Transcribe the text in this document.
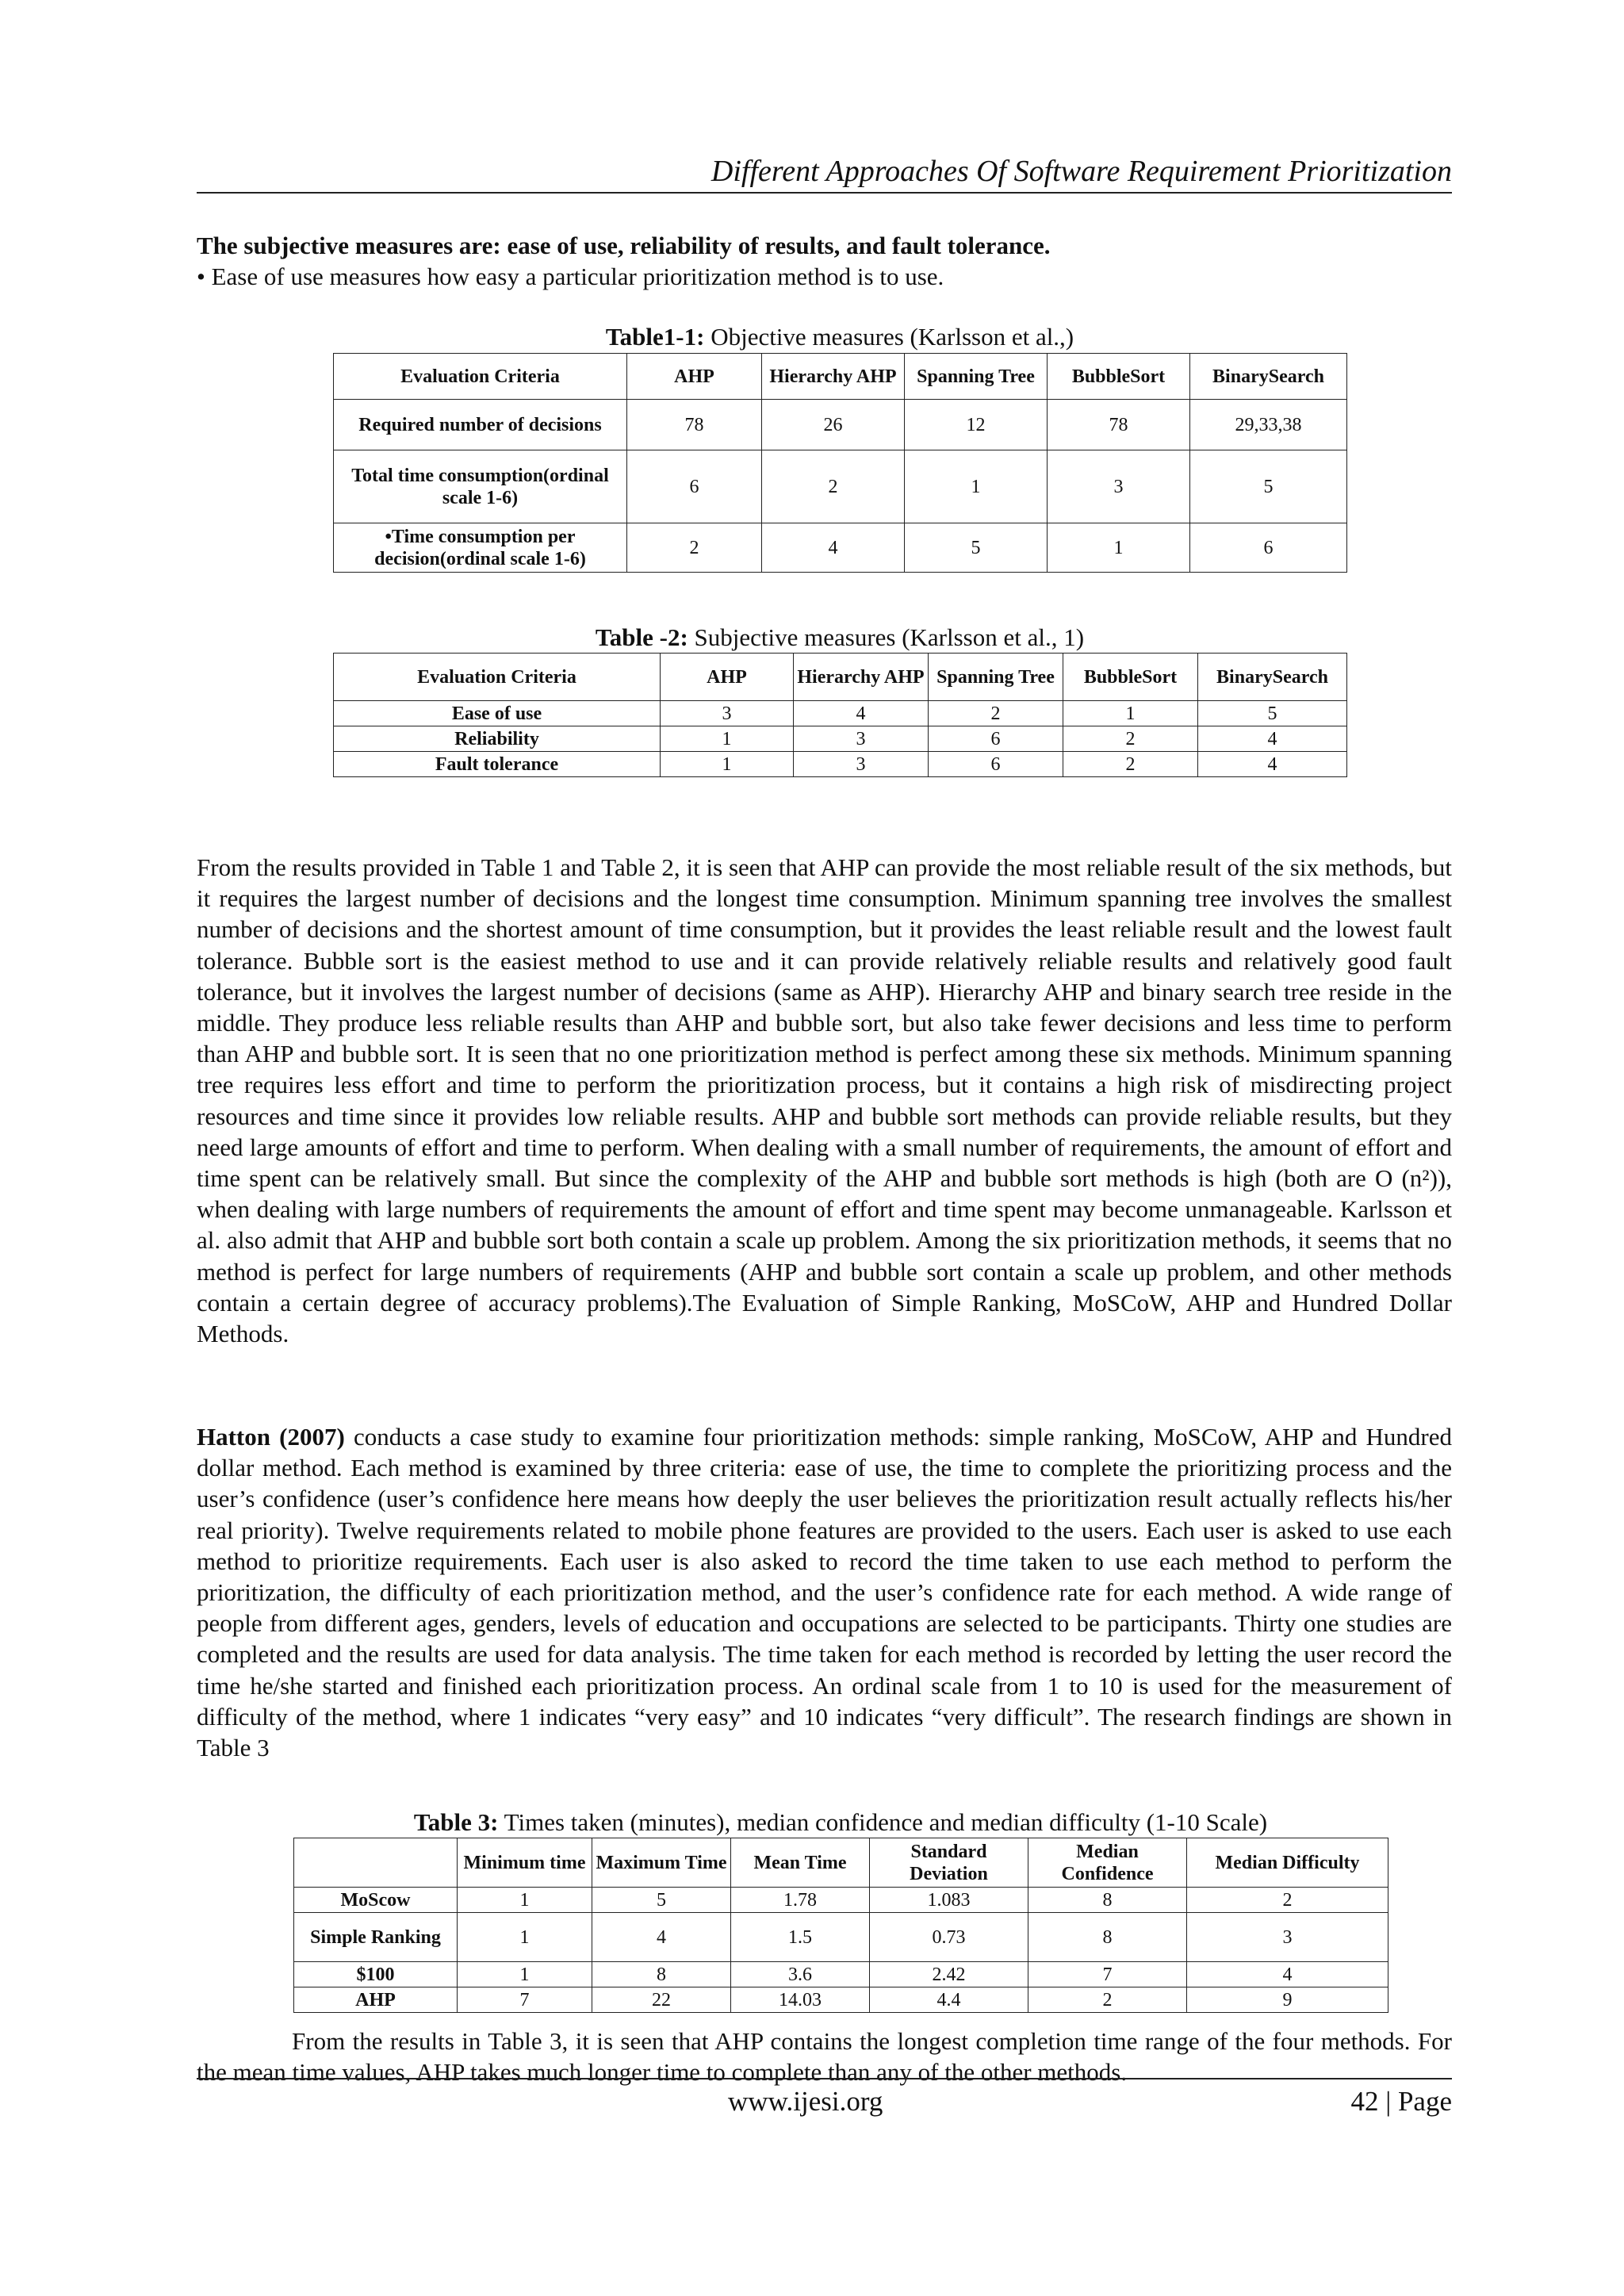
Different Approaches Of Software Requirement Prioritization
The subjective measures are: ease of use, reliability of results, and fault tolerance.
• Ease of use measures how easy a particular prioritization method is to use.
Table1-1: Objective measures (Karlsson et al.,)
Evaluation Criteria	AHP	Hierarchy AHP	Spanning Tree	BubbleSort	BinarySearch
Required number of decisions	78	26	12	78	29,33,38
Total time consumption(ordinal scale 1-6)	6	2	1	3	5
•Time consumption per decision(ordinal scale 1-6)	2	4	5	1	6
Table -2: Subjective measures (Karlsson et al., 1)
Evaluation Criteria	AHP	Hierarchy AHP	Spanning Tree	BubbleSort	BinarySearch
Ease of use	3	4	2	1	5
Reliability	1	3	6	2	4
Fault tolerance	1	3	6	2	4
From the results provided in Table 1 and Table 2, it is seen that AHP can provide the most reliable result of the six methods, but it requires the largest number of decisions and the longest time consumption. Minimum spanning tree involves the smallest number of decisions and the shortest amount of time consumption, but it provides the least reliable result and the lowest fault tolerance. Bubble sort is the easiest method to use and it can provide relatively reliable results and relatively good fault tolerance, but it involves the largest number of decisions (same as AHP). Hierarchy AHP and binary search tree reside in the middle. They produce less reliable results than AHP and bubble sort, but also take fewer decisions and less time to perform than AHP and bubble sort. It is seen that no one prioritization method is perfect among these six methods. Minimum spanning tree requires less effort and time to perform the prioritization process, but it contains a high risk of misdirecting project resources and time since it provides low reliable results. AHP and bubble sort methods can provide reliable results, but they need large amounts of effort and time to perform. When dealing with a small number of requirements, the amount of effort and time spent can be relatively small. But since the complexity of the AHP and bubble sort methods is high (both are O (n²)), when dealing with large numbers of requirements the amount of effort and time spent may become unmanageable. Karlsson et al. also admit that AHP and bubble sort both contain a scale up problem. Among the six prioritization methods, it seems that no method is perfect for large numbers of requirements (AHP and bubble sort contain a scale up problem, and other methods contain a certain degree of accuracy problems).The Evaluation of Simple Ranking, MoSCoW, AHP and Hundred Dollar Methods.
Hatton (2007) conducts a case study to examine four prioritization methods: simple ranking, MoSCoW, AHP and Hundred dollar method. Each method is examined by three criteria: ease of use, the time to complete the prioritizing process and the user’s confidence (user’s confidence here means how deeply the user believes the prioritization result actually reflects his/her real priority). Twelve requirements related to mobile phone features are provided to the users. Each user is asked to use each method to prioritize requirements. Each user is also asked to record the time taken to use each method to perform the prioritization, the difficulty of each prioritization method, and the user’s confidence rate for each method. A wide range of people from different ages, genders, levels of education and occupations are selected to be participants. Thirty one studies are completed and the results are used for data analysis. The time taken for each method is recorded by letting the user record the time he/she started and finished each prioritization process. An ordinal scale from 1 to 10 is used for the measurement of difficulty of the method, where 1 indicates “very easy” and 10 indicates “very difficult”. The research findings are shown in Table 3
Table 3: Times taken (minutes), median confidence and median difficulty (1-10 Scale)
	Minimum time	Maximum Time	Mean Time	Standard Deviation	Median Confidence	Median Difficulty
MoScow	1	5	1.78	1.083	8	2
Simple Ranking	1	4	1.5	0.73	8	3
$100	1	8	3.6	2.42	7	4
AHP	7	22	14.03	4.4	2	9
From the results in Table 3, it is seen that AHP contains the longest completion time range of the four methods. For the mean time values, AHP takes much longer time to complete than any of the other methods.
www.ijesi.org	42 | Page
